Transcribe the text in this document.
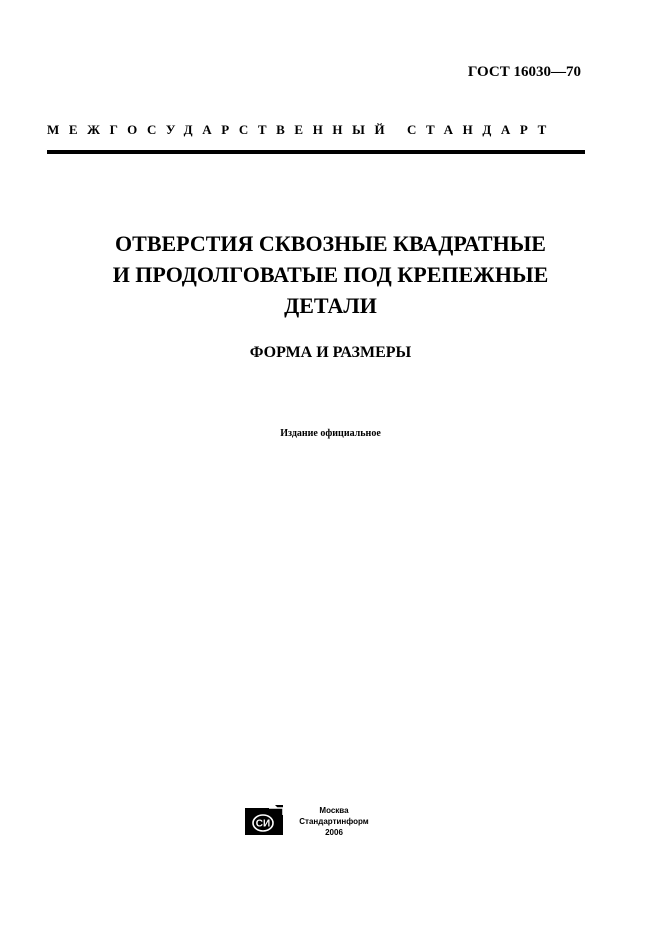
ГОСТ 16030—70
МЕЖГОСУДАРСТВЕННЫЙ СТАНДАРТ
ОТВЕРСТИЯ СКВОЗНЫЕ КВАДРАТНЫЕ
И ПРОДОЛГОВАТЫЕ ПОД КРЕПЕЖНЫЕ
ДЕТАЛИ
ФОРМА И РАЗМЕРЫ
Издание официальное
СИ
Москва
Стандартинформ
2006
